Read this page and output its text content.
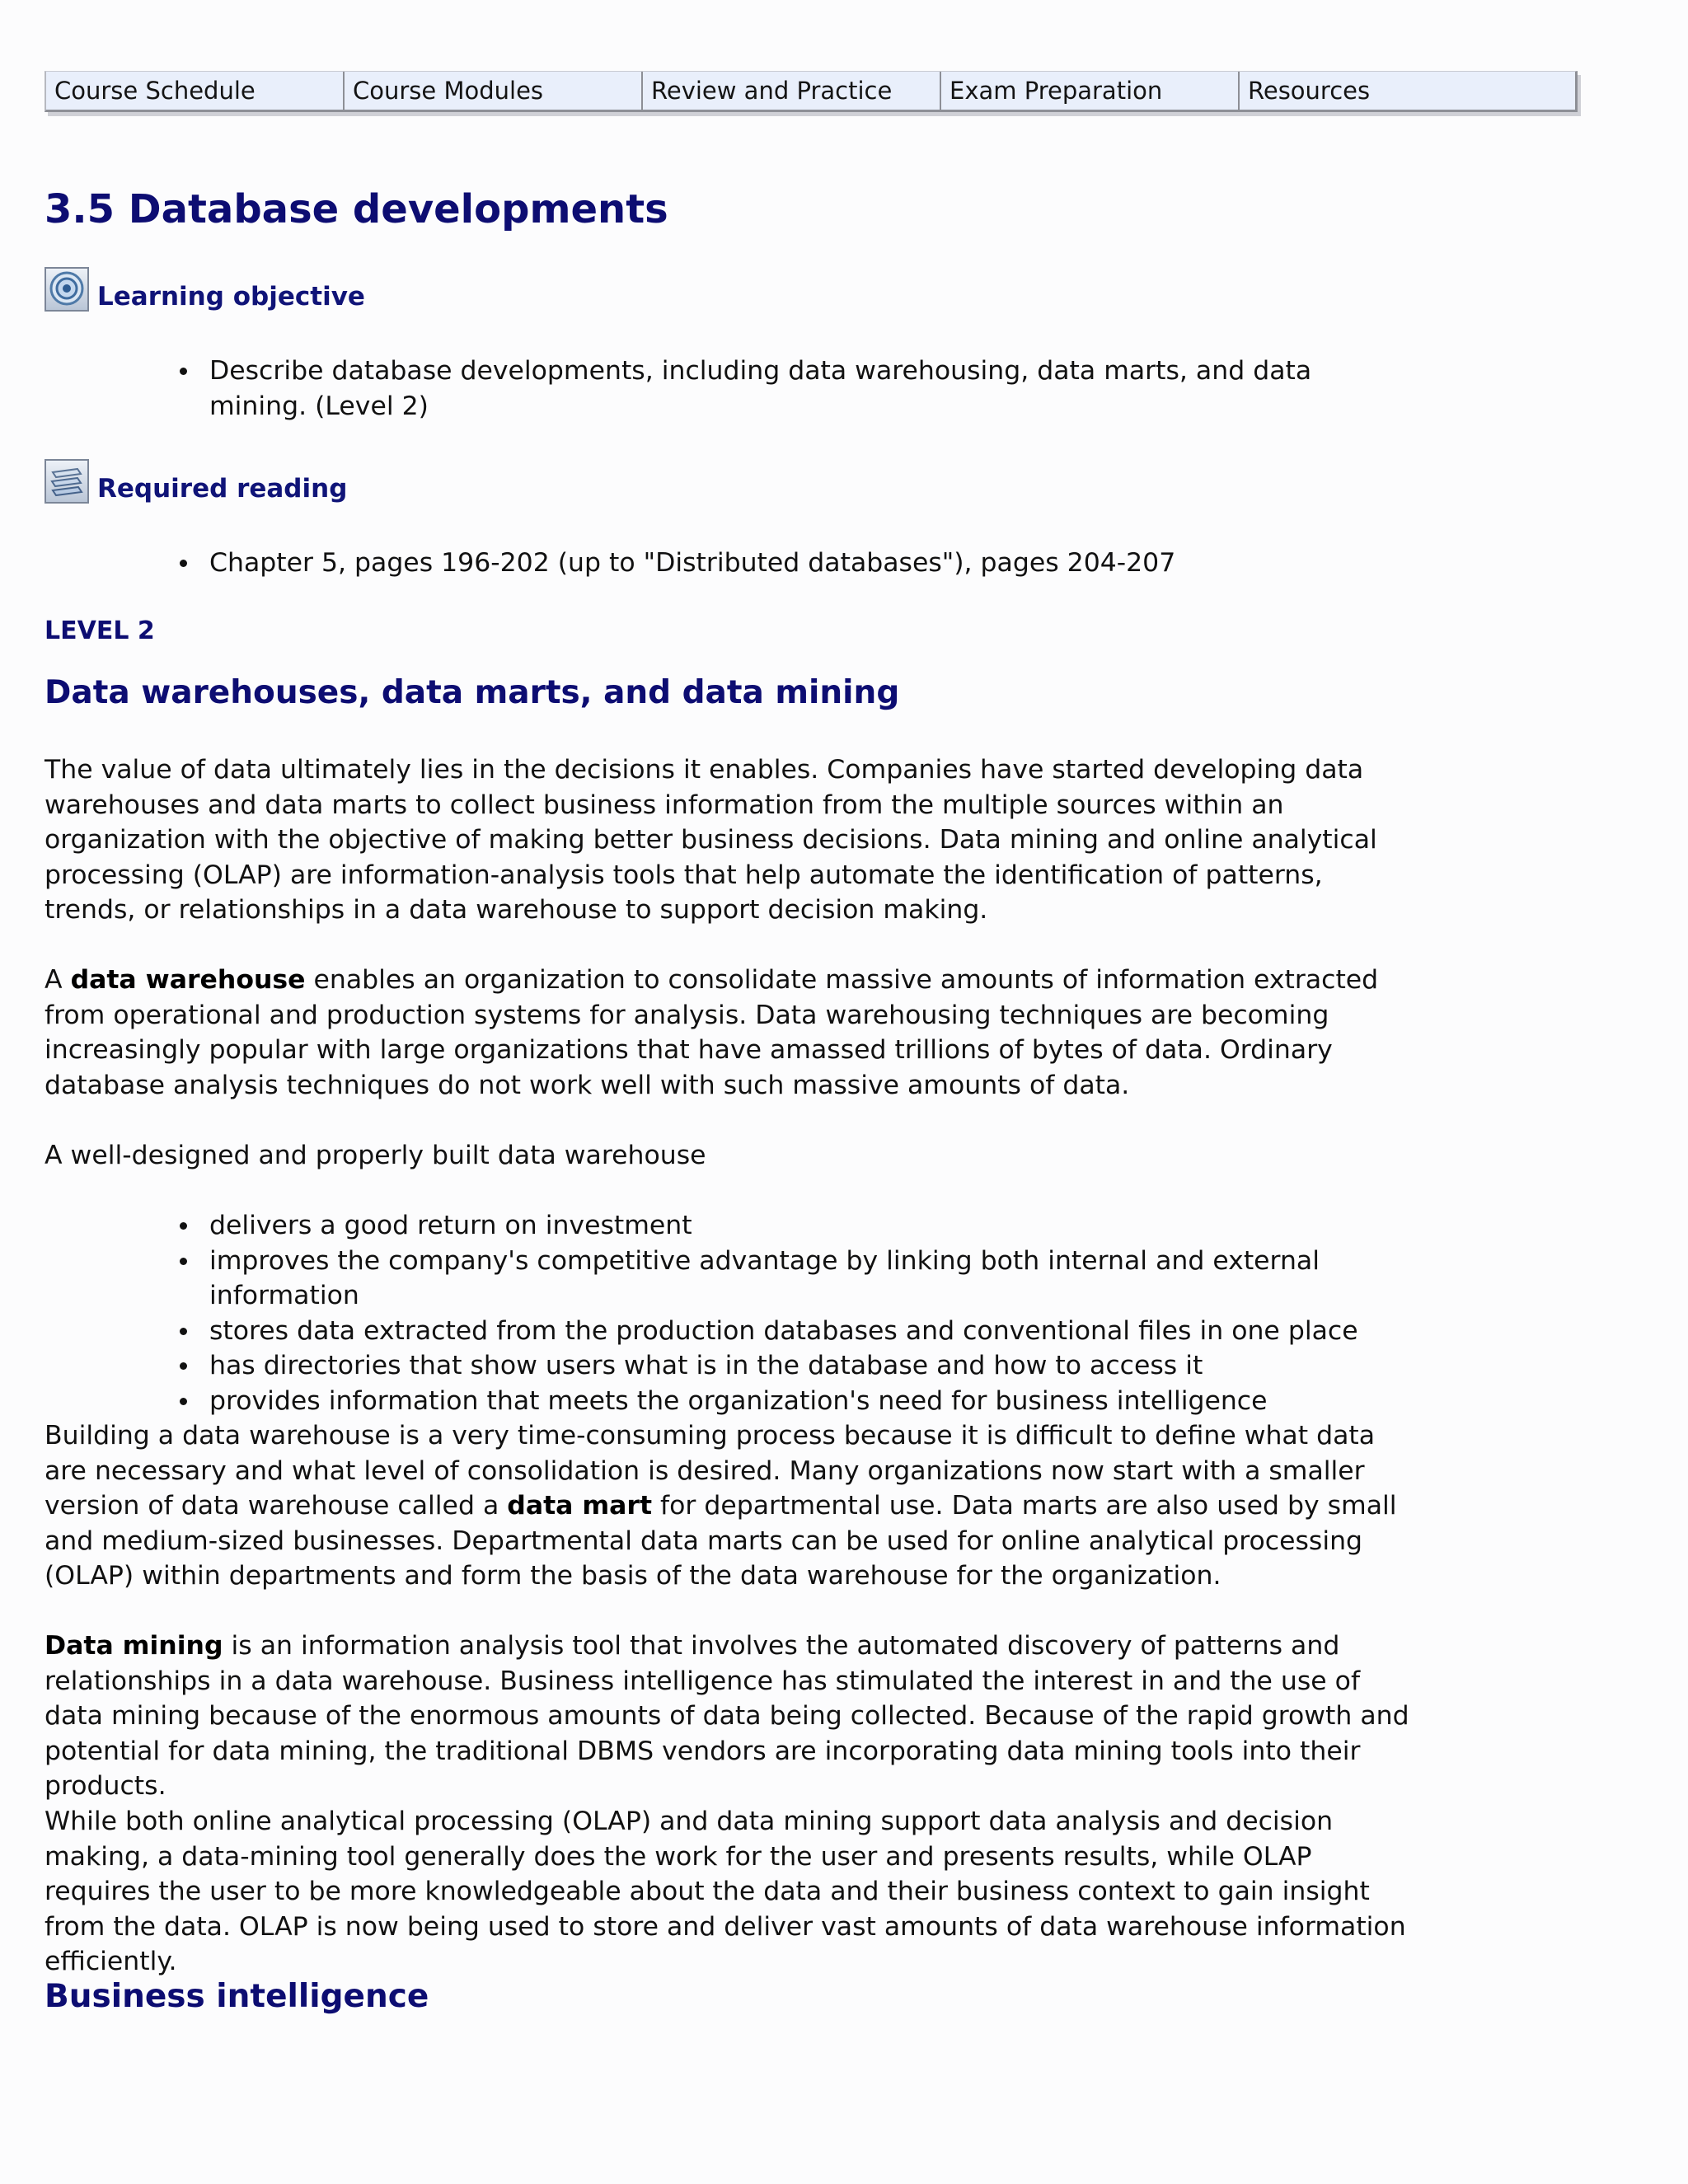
Course Schedule	Course Modules	Review and Practice	Exam Preparation	Resources
3.5 Database developments
Learning objective
Describe database developments, including data warehousing, data marts, and data mining. (Level 2)
Required reading
Chapter 5, pages 196-202 (up to "Distributed databases"), pages 204-207
LEVEL 2
Data warehouses, data marts, and data mining

The value of data ultimately lies in the decisions it enables. Companies have started developing data warehouses and data marts to collect business information from the multiple sources within an organization with the objective of making better business decisions. Data mining and online analytical processing (OLAP) are information-analysis tools that help automate the identification of patterns, trends, or relationships in a data warehouse to support decision making.

A data warehouse enables an organization to consolidate massive amounts of information extracted from operational and production systems for analysis. Data warehousing techniques are becoming increasingly popular with large organizations that have amassed trillions of bytes of data. Ordinary database analysis techniques do not work well with such massive amounts of data.

A well-designed and properly built data warehouse

delivers a good return on investment
improves the company's competitive advantage by linking both internal and external information
stores data extracted from the production databases and conventional files in one place
has directories that show users what is in the database and how to access it
provides information that meets the organization's need for business intelligence

Building a data warehouse is a very time-consuming process because it is difficult to define what data are necessary and what level of consolidation is desired. Many organizations now start with a smaller version of data warehouse called a data mart for departmental use. Data marts are also used by small and medium-sized businesses. Departmental data marts can be used for online analytical processing (OLAP) within departments and form the basis of the data warehouse for the organization.

Data mining is an information analysis tool that involves the automated discovery of patterns and relationships in a data warehouse. Business intelligence has stimulated the interest in and the use of data mining because of the enormous amounts of data being collected. Because of the rapid growth and potential for data mining, the traditional DBMS vendors are incorporating data mining tools into their products.

While both online analytical processing (OLAP) and data mining support data analysis and decision making, a data-mining tool generally does the work for the user and presents results, while OLAP requires the user to be more knowledgeable about the data and their business context to gain insight from the data. OLAP is now being used to store and deliver vast amounts of data warehouse information efficiently.

Business intelligence
